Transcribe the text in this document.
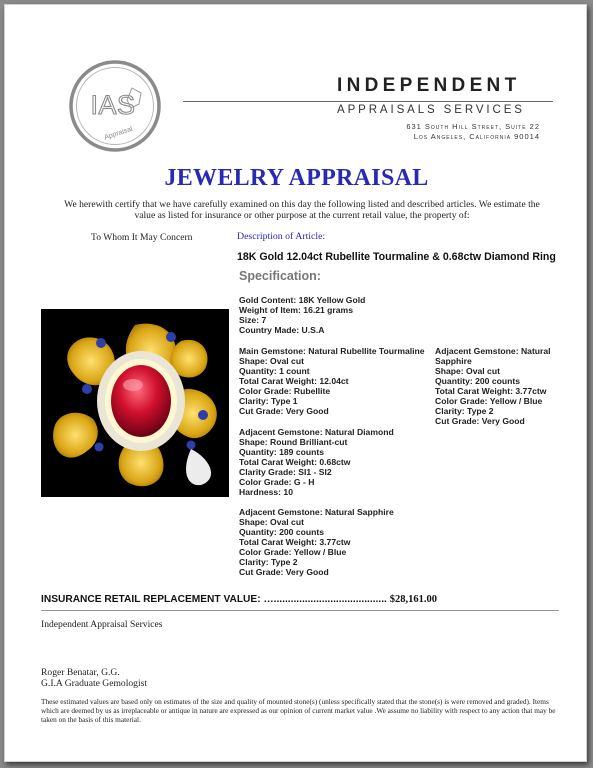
IAS
Appraisal
INDEPENDENT
APPRAISALS SERVICES
631 South Hill Street, Suite 22
Los Angeles, California 90014
JEWELRY APPRAISAL
We herewith certify that we have carefully examined on this day the following listed and described articles. We estimate the value as listed for insurance or other purpose at the current retail value, the property of:
To Whom It May Concern	Description of Article:
18K Gold 12.04ct Rubellite Tourmaline & 0.68ctw Diamond Ring
Specification:
Gold Content: 18K Yellow Gold
Weight of Item: 16.21 grams
Size: 7
Country Made: U.S.A
Main Gemstone: Natural Rubellite Tourmaline
Shape: Oval cut
Quantity: 1 count
Total Carat Weight: 12.04ct
Color Grade: Rubellite
Clarity: Type 1
Cut Grade: Very Good
Adjacent Gemstone: Natural
Sapphire
Shape: Oval cut
Quantity: 200 counts
Total Carat Weight: 3.77ctw
Color Grade: Yellow / Blue
Clarity: Type 2
Cut Grade: Very Good
Adjacent Gemstone: Natural Diamond
Shape: Round Brilliant-cut
Quantity: 189 counts
Total Carat Weight: 0.68ctw
Clarity Grade: SI1 - SI2
Color Grade: G - H
Hardness: 10
Adjacent Gemstone: Natural Sapphire
Shape: Oval cut
Quantity: 200 counts
Total Carat Weight: 3.77ctw
Color Grade: Yellow / Blue
Clarity: Type 2
Cut Grade: Very Good
INSURANCE RETAIL REPLACEMENT VALUE: …........................................ $28,161.00
Independent Appraisal Services
Roger Benatar, G.G.
G.I.A Graduate Gemologist
These estimated values are based only on estimates of the size and quality of mounted stone(s) (unless specifically stated that the stone(s) is were removed and graded). Items which are deemed by us as irreplaceable or antique in nature are expressed as our opinion of current market value .We assume no liability with respect to any action that may be taken on the basis of this material.
